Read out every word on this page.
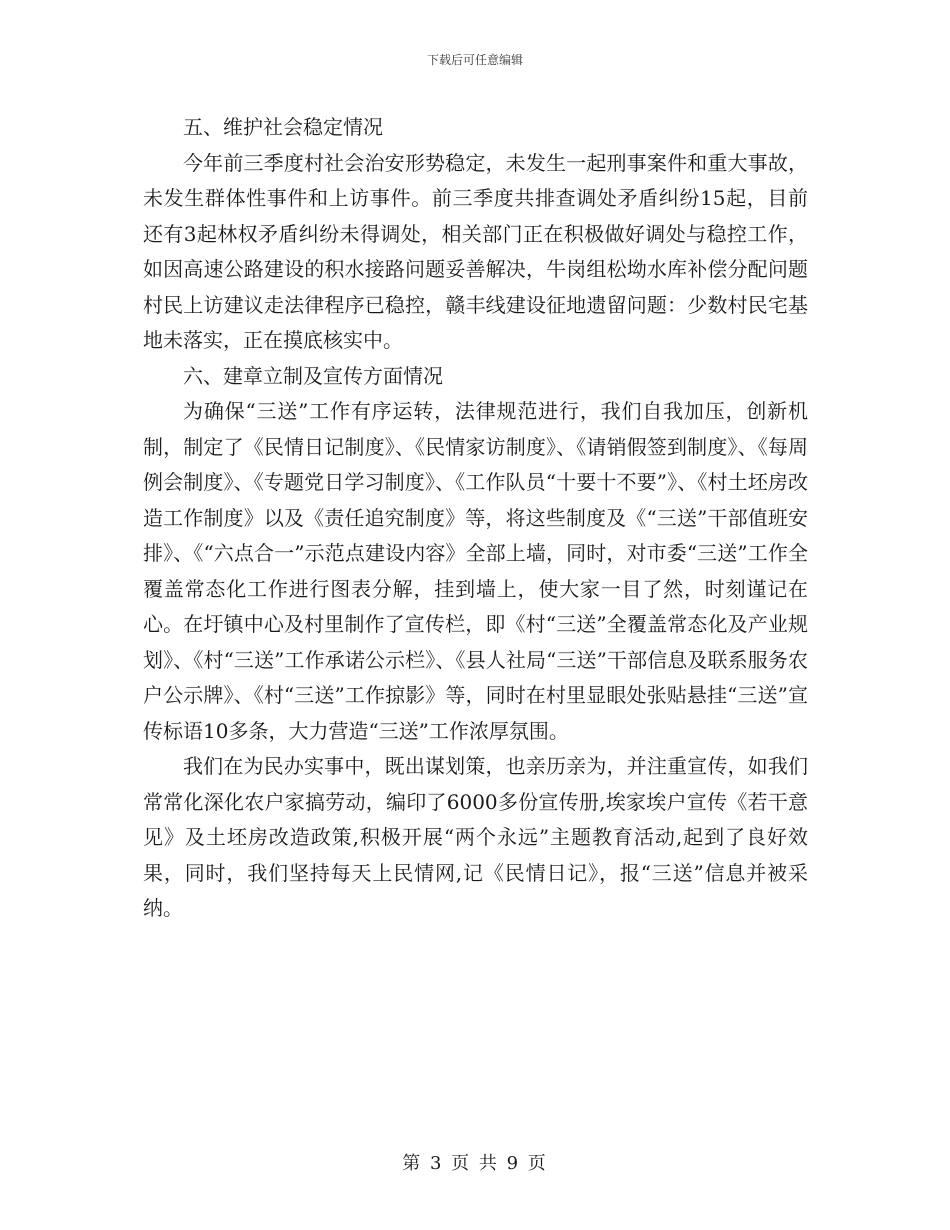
下载后可任意编辑

五、维护社会稳定情况

今年前三季度村社会治安形势稳定，未发生一起刑事案件和重大事故，未发生群体性事件和上访事件。前三季度共排查调处矛盾纠纷15起，目前还有3起林权矛盾纠纷未得调处，相关部门正在积极做好调处与稳控工作，如因高速公路建设的积水接路问题妥善解决，牛岗组松坳水库补偿分配问题村民上访建议走法律程序已稳控，赣丰线建设征地遗留问题：少数村民宅基地未落实，正在摸底核实中。

六、建章立制及宣传方面情况

为确保“三送”工作有序运转，法律规范进行，我们自我加压，创新机制，制定了《民情日记制度》、《民情家访制度》、《请销假签到制度》、《每周例会制度》、《专题党日学习制度》、《工作队员“十要十不要”》、《村土坯房改造工作制度》以及《责任追究制度》等，将这些制度及《“三送”干部值班安排》、《“六点合一”示范点建设内容》全部上墙，同时，对市委“三送”工作全覆盖常态化工作进行图表分解，挂到墙上，使大家一目了然，时刻谨记在心。在圩镇中心及村里制作了宣传栏，即《村“三送”全覆盖常态化及产业规划》、《村“三送”工作承诺公示栏》、《县人社局“三送”干部信息及联系服务农户公示牌》、《村“三送”工作掠影》等，同时在村里显眼处张贴悬挂“三送”宣传标语10多条，大力营造“三送”工作浓厚氛围。

我们在为民办实事中，既出谋划策，也亲历亲为，并注重宣传，如我们常常化深化农户家搞劳动，编印了6000多份宣传册,埃家埃户宣传《若干意见》及土坯房改造政策,积极开展“两个永远”主题教育活动,起到了良好效果，同时，我们坚持每天上民情网,记《民情日记》，报“三送”信息并被采纳。

第 3 页 共 9 页
